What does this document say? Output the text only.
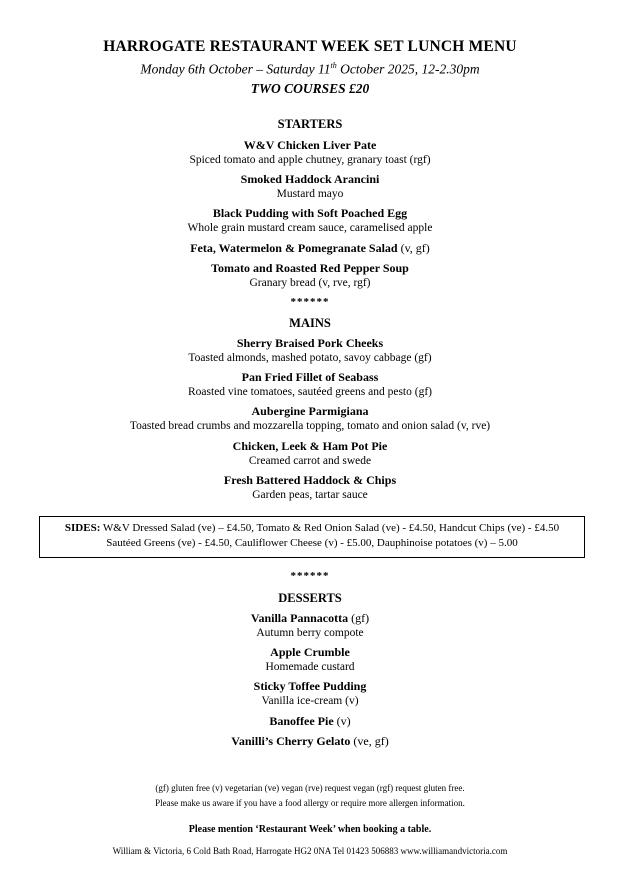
HARROGATE RESTAURANT WEEK SET LUNCH MENU
Monday 6th October – Saturday 11th October 2025, 12-2.30pm
TWO COURSES £20
STARTERS
W&V Chicken Liver Pate
Spiced tomato and apple chutney, granary toast (rgf)
Smoked Haddock Arancini
Mustard mayo
Black Pudding with Soft Poached Egg
Whole grain mustard cream sauce, caramelised apple
Feta, Watermelon & Pomegranate Salad (v, gf)
Tomato and Roasted Red Pepper Soup
Granary bread (v, rve, rgf)
******
MAINS
Sherry Braised Pork Cheeks
Toasted almonds, mashed potato, savoy cabbage (gf)
Pan Fried Fillet of Seabass
Roasted vine tomatoes, sautéed greens and pesto (gf)
Aubergine Parmigiana
Toasted bread crumbs and mozzarella topping, tomato and onion salad (v, rve)
Chicken, Leek & Ham Pot Pie
Creamed carrot and swede
Fresh Battered Haddock & Chips
Garden peas, tartar sauce
SIDES: W&V Dressed Salad (ve) – £4.50, Tomato & Red Onion Salad (ve) - £4.50, Handcut Chips (ve) - £4.50
Sautéed Greens (ve) - £4.50, Cauliflower Cheese (v) - £5.00, Dauphinoise potatoes (v) – 5.00
******
DESSERTS
Vanilla Pannacotta (gf)
Autumn berry compote
Apple Crumble
Homemade custard
Sticky Toffee Pudding
Vanilla ice-cream (v)
Banoffee Pie (v)
Vanilli’s Cherry Gelato (ve, gf)
(gf) gluten free (v) vegetarian (ve) vegan (rve) request vegan (rgf) request gluten free.
Please make us aware if you have a food allergy or require more allergen information.
Please mention ‘Restaurant Week’ when booking a table.
William & Victoria, 6 Cold Bath Road, Harrogate HG2 0NA Tel 01423 506883 www.williamandvictoria.com
